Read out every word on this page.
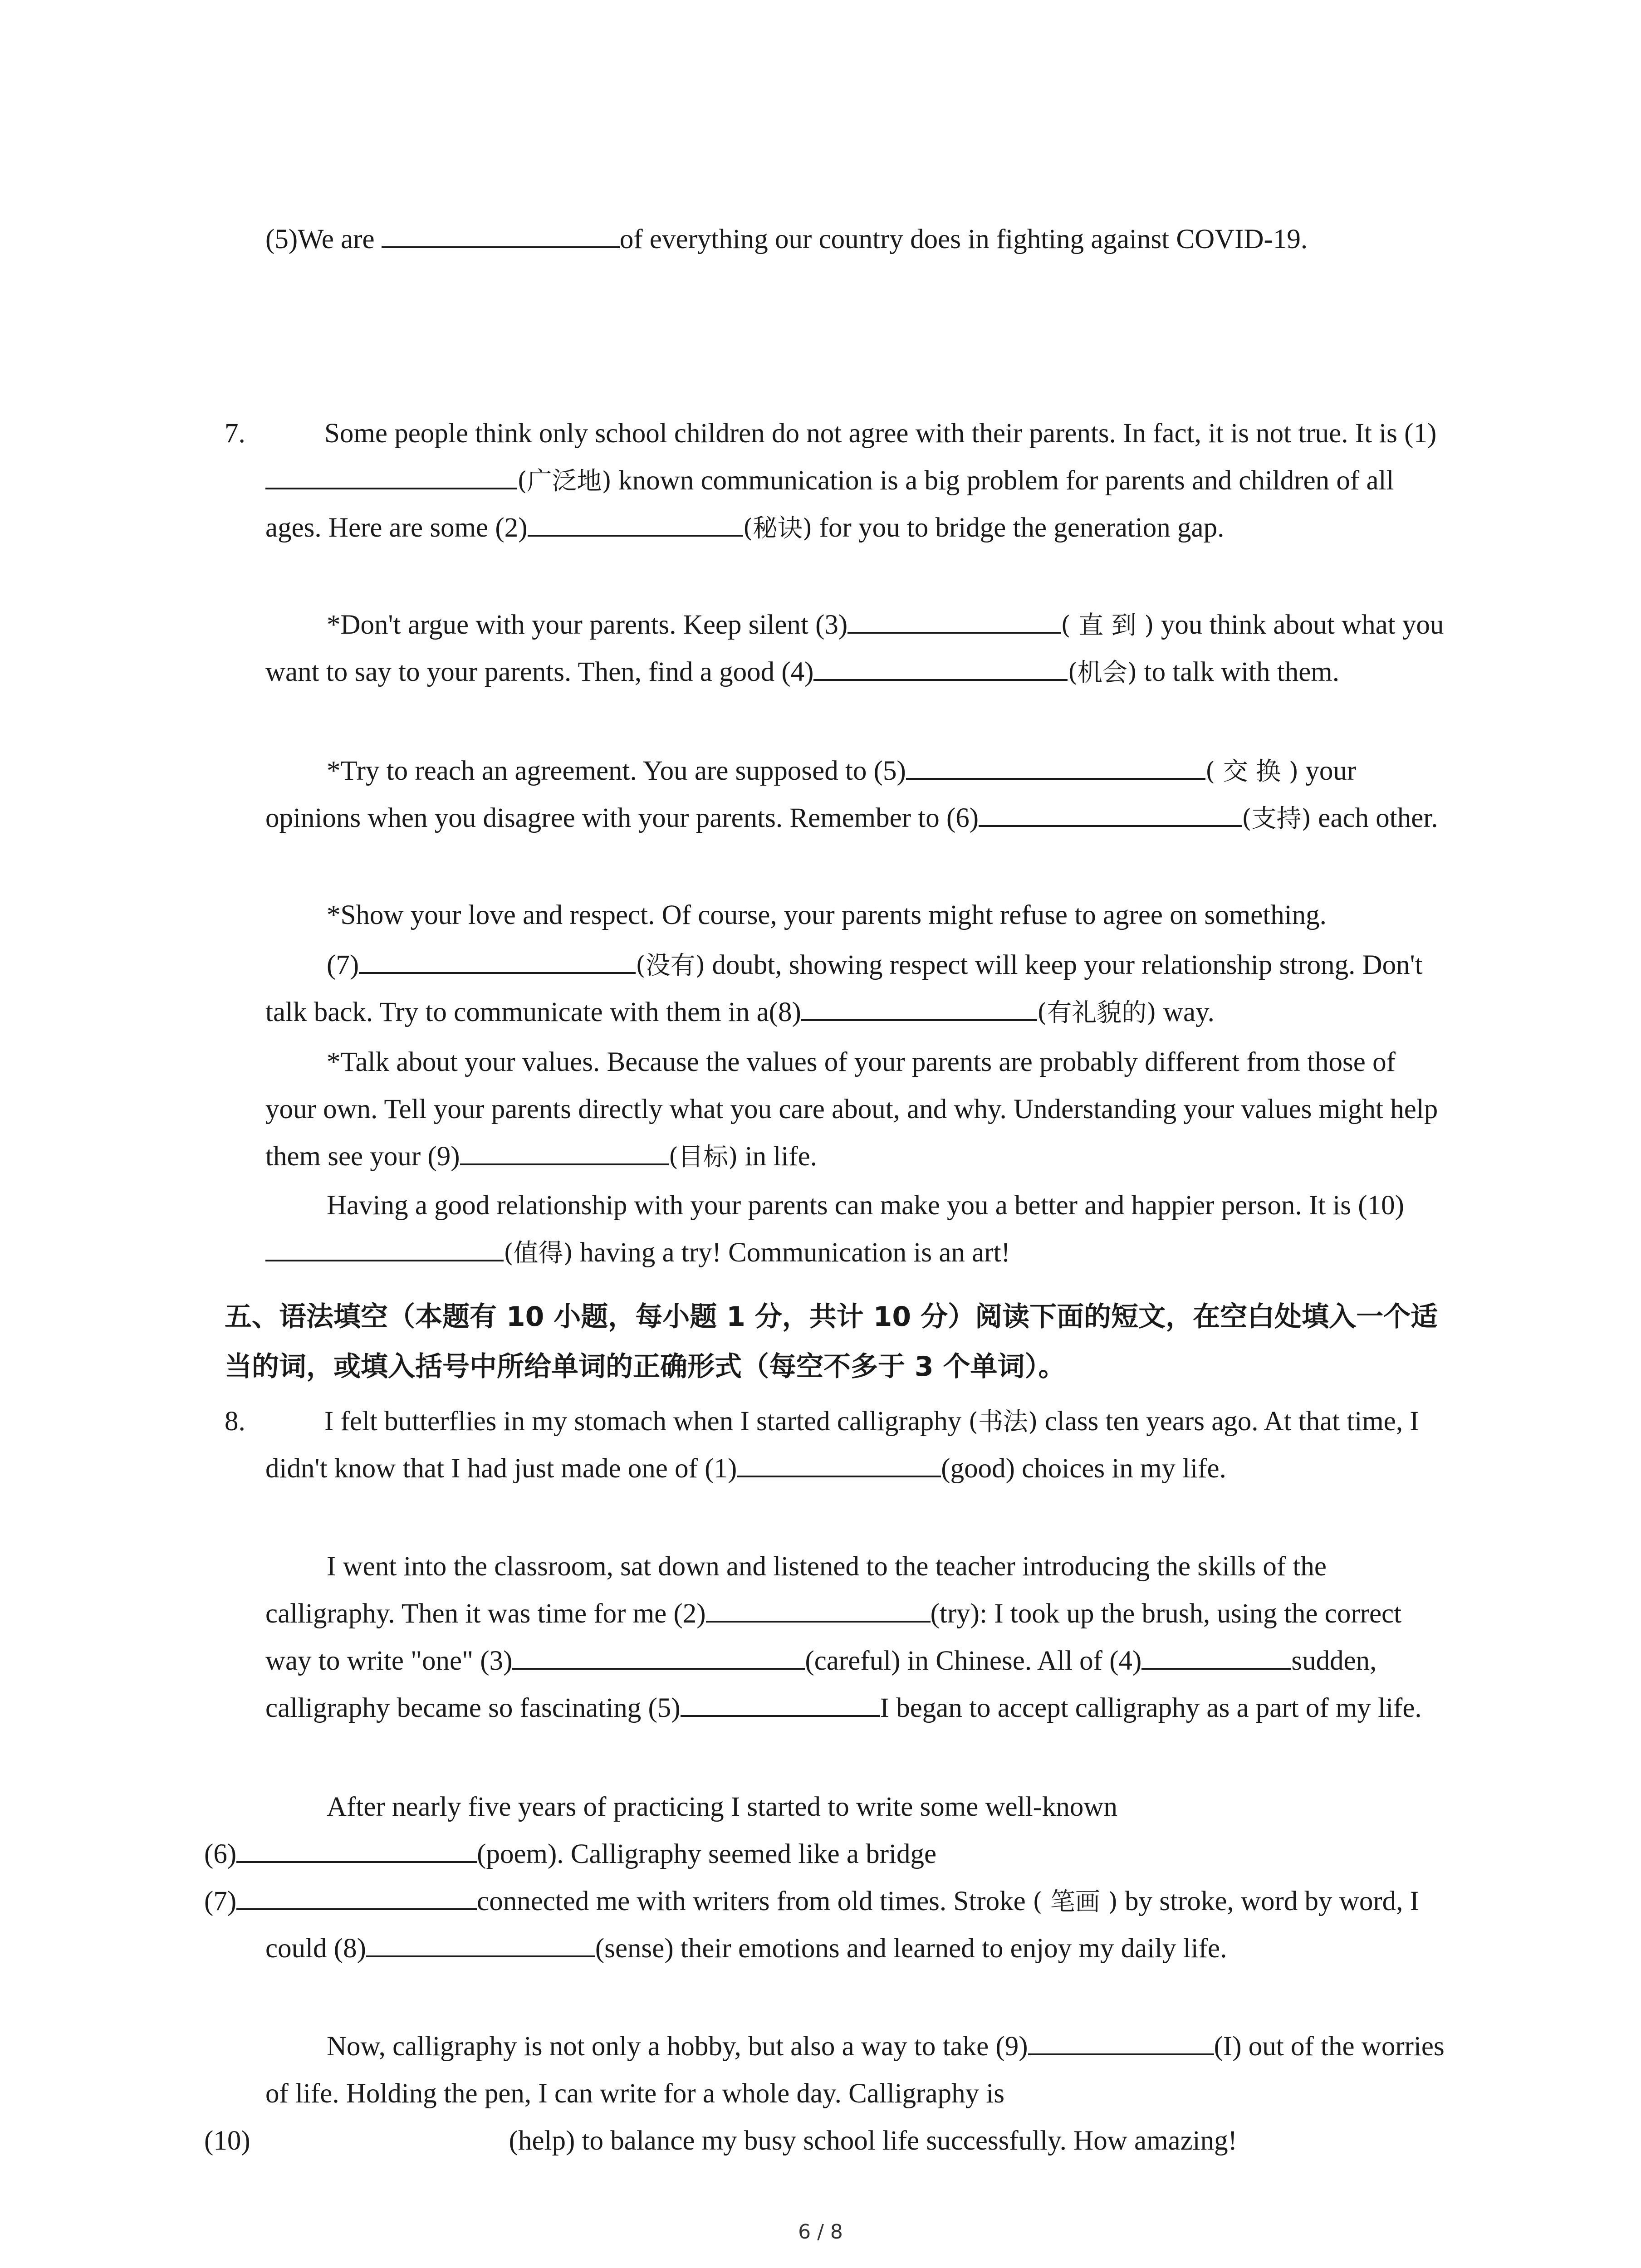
(5)We are	of everything our country does in fighting against COVID-19.

7.	Some people think only school children do not agree with their parents. In fact, it is not true. It is (1)(广泛地) known communication is a big problem for parents and children of all ages. Here are some (2)	(秘诀) for you to bridge the generation gap.

*Don't argue with your parents. Keep silent (3)	( 直 到 ) you think about what you want to say to your parents. Then, find a good (4)	(机会) to talk with them.

*Try to reach an agreement. You are supposed to (5)	( 交 换 ) your opinions when you disagree with your parents. Remember to (6)	(支持) each other.

*Show your love and respect. Of course, your parents might refuse to agree on something.

(7)	(没有) doubt, showing respect will keep your relationship strong. Don't talk back. Try to communicate with them in a(8)	(有礼貌的) way.

*Talk about your values. Because the values of your parents are probably different from those of your own. Tell your parents directly what you care about, and why. Understanding your values might help them see your (9)	(目标) in life.

Having a good relationship with your parents can make you a better and happier person. It is (10)(值得) having a try! Communication is an art!

五、语法填空（本题有 10 小题，每小题 1 分，共计 10 分）阅读下面的短文，在空白处填入一个适当的词，或填入括号中所给单词的正确形式（每空不多于 3 个单词）。

8.	I felt butterflies in my stomach when I started calligraphy (书法) class ten years ago. At that time, I didn't know that I had just made one of (1)	(good) choices in my life.

I went into the classroom, sat down and listened to the teacher introducing the skills of the calligraphy. Then it was time for me (2)	(try): I took up the brush, using the correct way to write "one" (3)	(careful) in Chinese. All of (4)	sudden, calligraphy became so fascinating (5)	I began to accept calligraphy as a part of my life.

After nearly five years of practicing I started to write some well-known
(6)	(poem). Calligraphy seemed like a bridge
(7)	connected me with writers from old times. Stroke ( 笔画 ) by stroke, word by word, I could (8)	(sense) their emotions and learned to enjoy my daily life.

Now, calligraphy is not only a hobby, but also a way to take (9)	(I) out of the worries of life. Holding the pen, I can write for a whole day. Calligraphy is
(10)	(help) to balance my busy school life successfully. How amazing!

6 / 8
